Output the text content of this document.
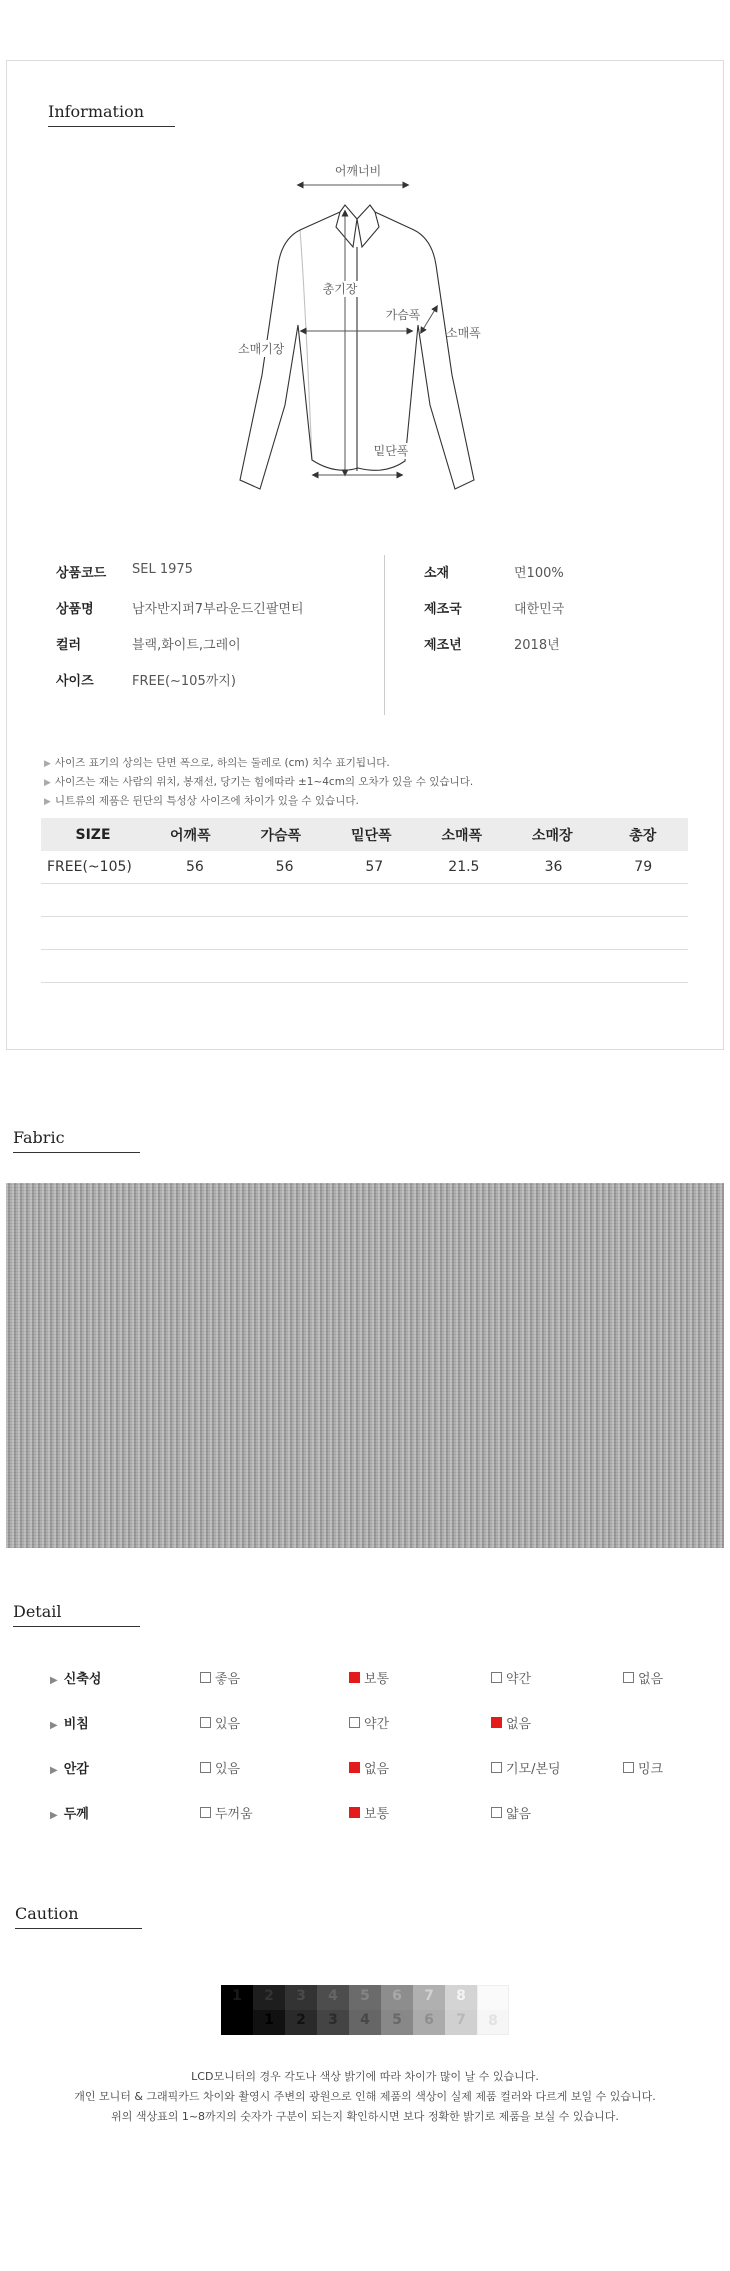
Information
어깨너비
총기장
가슴폭
소매폭
밑단폭
소매기장
상품코드 SEL 1975
상품명	남자반지퍼7부라운드긴팔면티
컬러	블랙,화이트,그레이
사이즈	FREE(~105까지)
소재	면100%
제조국	대한민국
제조년	2018년
▶ 사이즈 표기의 상의는 단면 폭으로, 하의는 둘레로 (cm) 치수 표기됩니다.
▶ 사이즈는 재는 사람의 위치, 봉재선, 당기는 힘에따라 ±1~4cm의 오차가 있을 수 있습니다.
▶ 니트류의 제품은 뒨단의 특성상 사이즈에 차이가 있을 수 있습니다.
SIZE	어깨폭	가슴폭	밑단폭	소매폭	소매장	총장
FREE(~105)	56	56	57	21.5	36	79
Fabric
Detail
▶ 신축성	좋음	보통	약간	없음
▶ 비침	있음	약간	없음
▶ 안감	있음	없음	기모/본딩	밍크
▶ 두께	두꺼움	보통	얇음
Caution
1	2
1
3
2
4
3
5
4
6
5
7
6
8
7	8
LCD모니터의 경우 각도나 색상 밝기에 따라 차이가 많이 날 수 있습니다.
개인 모니터 & 그래픽카드 차이와 촬영시 주변의 광원으로 인해 제품의 색상이 실제 제품 컬러와 다르게 보일 수 있습니다.
위의 색상표의 1~8까지의 숫자가 구분이 되는지 확인하시면 보다 정확한 밝기로 제품을 보실 수 있습니다.
